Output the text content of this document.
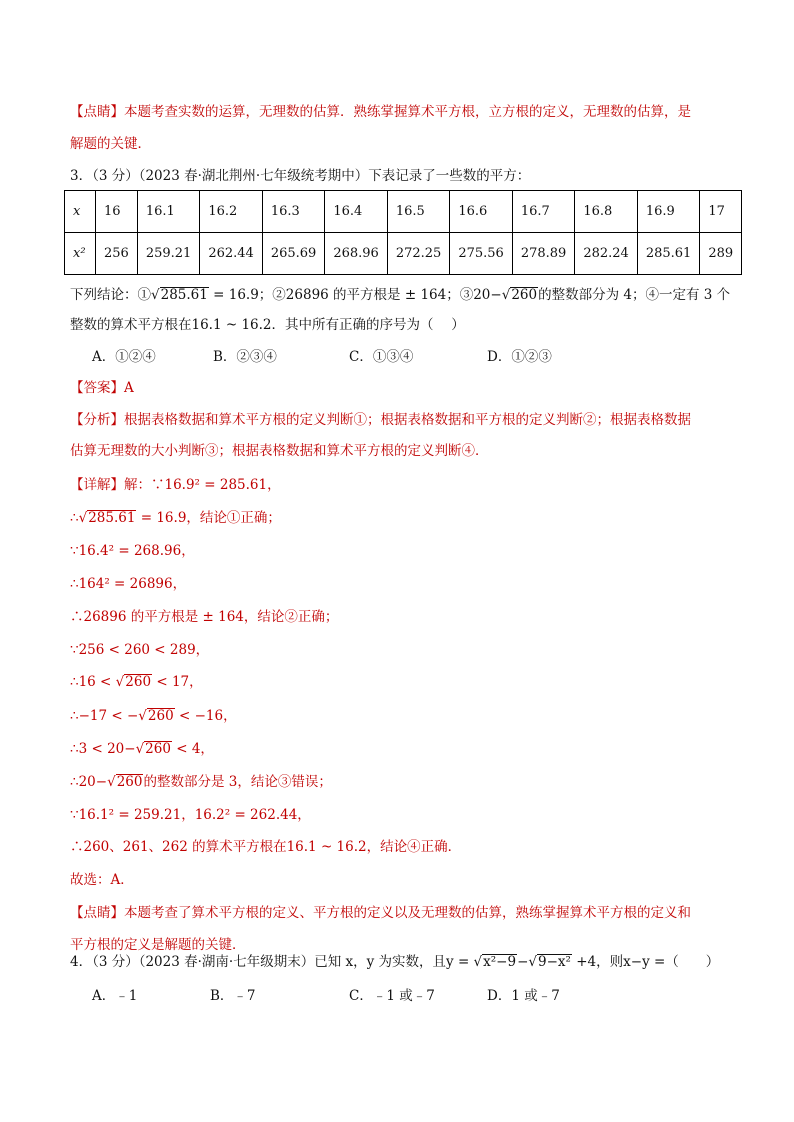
【点睛】本题考查实数的运算，无理数的估算．熟练掌握算术平方根，立方根的定义，无理数的估算，是
解题的关键．
3．（3 分）（2023 春·湖北荆州·七年级统考期中）下表记录了一些数的平方：
x	16	16.1	16.2	16.3	16.4	16.5	16.6	16.7	16.8	16.9	17
x²	256	259.21	262.44	265.69	268.96	272.25	275.56	278.89	282.24	285.61	289
下列结论：①√285.61 = 16.9；②26896 的平方根是 ± 164；③20−√260的整数部分为 4；④一定有 3 个
整数的算术平方根在16.1 ~ 16.2．其中所有正确的序号为（　 ）
A．①②④	B．②③④	C．①③④	D．①②③
【答案】A
【分析】根据表格数据和算术平方根的定义判断①；根据表格数据和平方根的定义判断②；根据表格数据
估算无理数的大小判断③；根据表格数据和算术平方根的定义判断④．
【详解】解：∵16.9² = 285.61，
∴√285.61 = 16.9，结论①正确；
∵16.4² = 268.96，
∴164² = 26896，
∴26896 的平方根是 ± 164，结论②正确；
∵256 < 260 < 289，
∴16 < √260 < 17，
∴−17 < −√260 < −16，
∴3 < 20−√260 < 4，
∴20−√260的整数部分是 3，结论③错误；
∵16.1² = 259.21，16.2² = 262.44，
∴260、261、262 的算术平方根在16.1 ~ 16.2，结论④正确．
故选：A．
【点睛】本题考查了算术平方根的定义、平方根的定义以及无理数的估算，熟练掌握算术平方根的定义和
平方根的定义是解题的关键．
4．（3 分）（2023 春·湖南·七年级期末）已知 x，y 为实数，且y = √x²−9−√9−x² +4，则x−y =（　　）
A．﹣1	B．﹣7	C．﹣1 或﹣7	D．1 或﹣7
